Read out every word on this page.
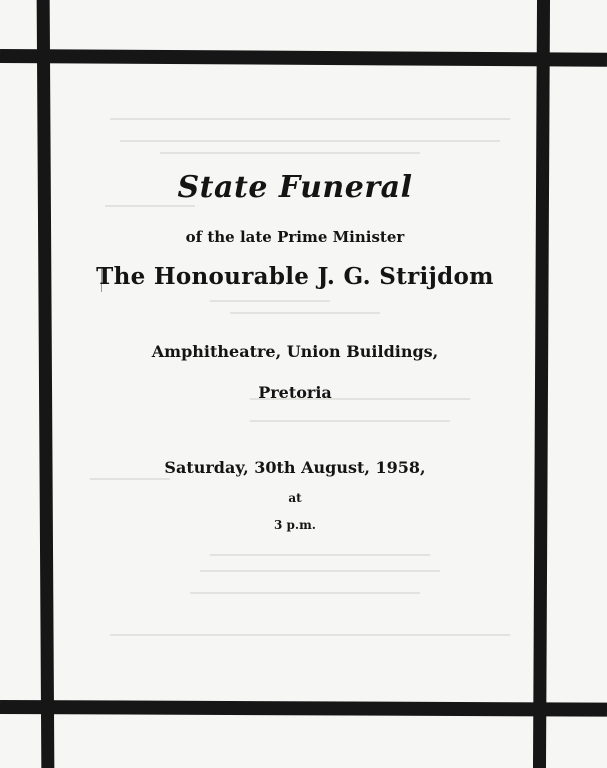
State Funeral
of the late Prime Minister
The Honourable J. G. Strijdom
Amphitheatre, Union Buildings,
Pretoria
Saturday, 30th August, 1958,
at
3 p.m.
